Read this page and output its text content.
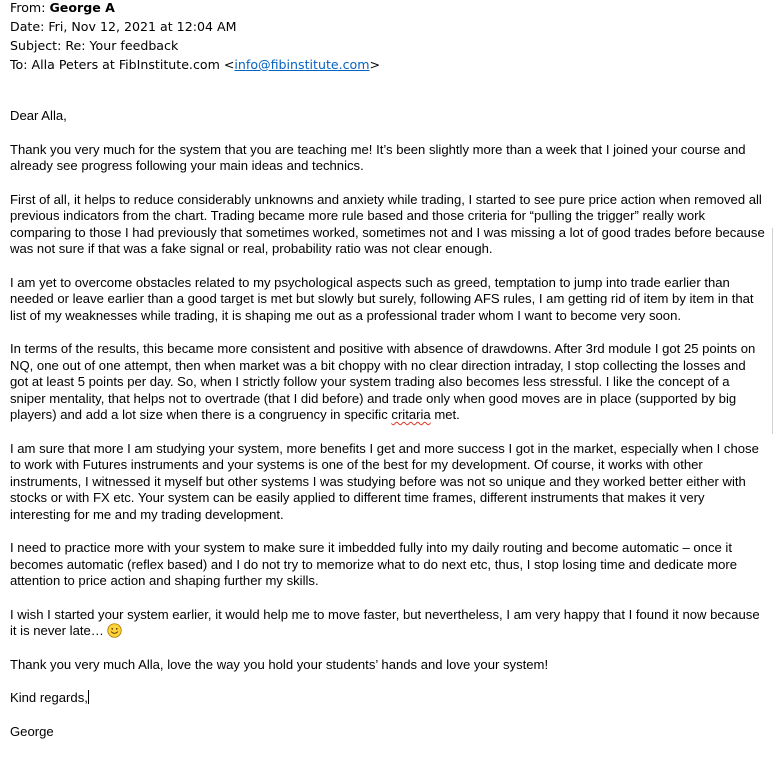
From: George A
Date: Fri, Nov 12, 2021 at 12:04 AM
Subject: Re: Your feedback
To: Alla Peters at FibInstitute.com <info@fibinstitute.com>

Dear Alla,

Thank you very much for the system that you are teaching me! It’s been slightly more than a week that I joined your course and already see progress following your main ideas and technics.

First of all, it helps to reduce considerably unknowns and anxiety while trading, I started to see pure price action when removed all previous indicators from the chart. Trading became more rule based and those criteria for “pulling the trigger” really work comparing to those I had previously that sometimes worked, sometimes not and I was missing a lot of good trades before because was not sure if that was a fake signal or real, probability ratio was not clear enough.

I am yet to overcome obstacles related to my psychological aspects such as greed, temptation to jump into trade earlier than needed or leave earlier than a good target is met but slowly but surely, following AFS rules, I am getting rid of item by item in that list of my weaknesses while trading, it is shaping me out as a professional trader whom I want to become very soon.

In terms of the results, this became more consistent and positive with absence of drawdowns. After 3rd module I got 25 points on NQ, one out of one attempt, then when market was a bit choppy with no clear direction intraday, I stop collecting the losses and got at least 5 points per day. So, when I strictly follow your system trading also becomes less stressful. I like the concept of a sniper mentality, that helps not to overtrade (that I did before) and trade only when good moves are in place (supported by big players) and add a lot size when there is a congruency in specific critaria met.

I am sure that more I am studying your system, more benefits I get and more success I got in the market, especially when I chose to work with Futures instruments and your systems is one of the best for my development. Of course, it works with other instruments, I witnessed it myself but other systems I was studying before was not so unique and they worked better either with stocks or with FX etc. Your system can be easily applied to different time frames, different instruments that makes it very interesting for me and my trading development.

I need to practice more with your system to make sure it imbedded fully into my daily routing and become automatic – once it becomes automatic (reflex based) and I do not try to memorize what to do next etc, thus, I stop losing time and dedicate more attention to price action and shaping further my skills.

I wish I started your system earlier, it would help me to move faster, but nevertheless, I am very happy that I found it now because it is never late…

Thank you very much Alla, love the way you hold your students’ hands and love your system!

Kind regards,

George
